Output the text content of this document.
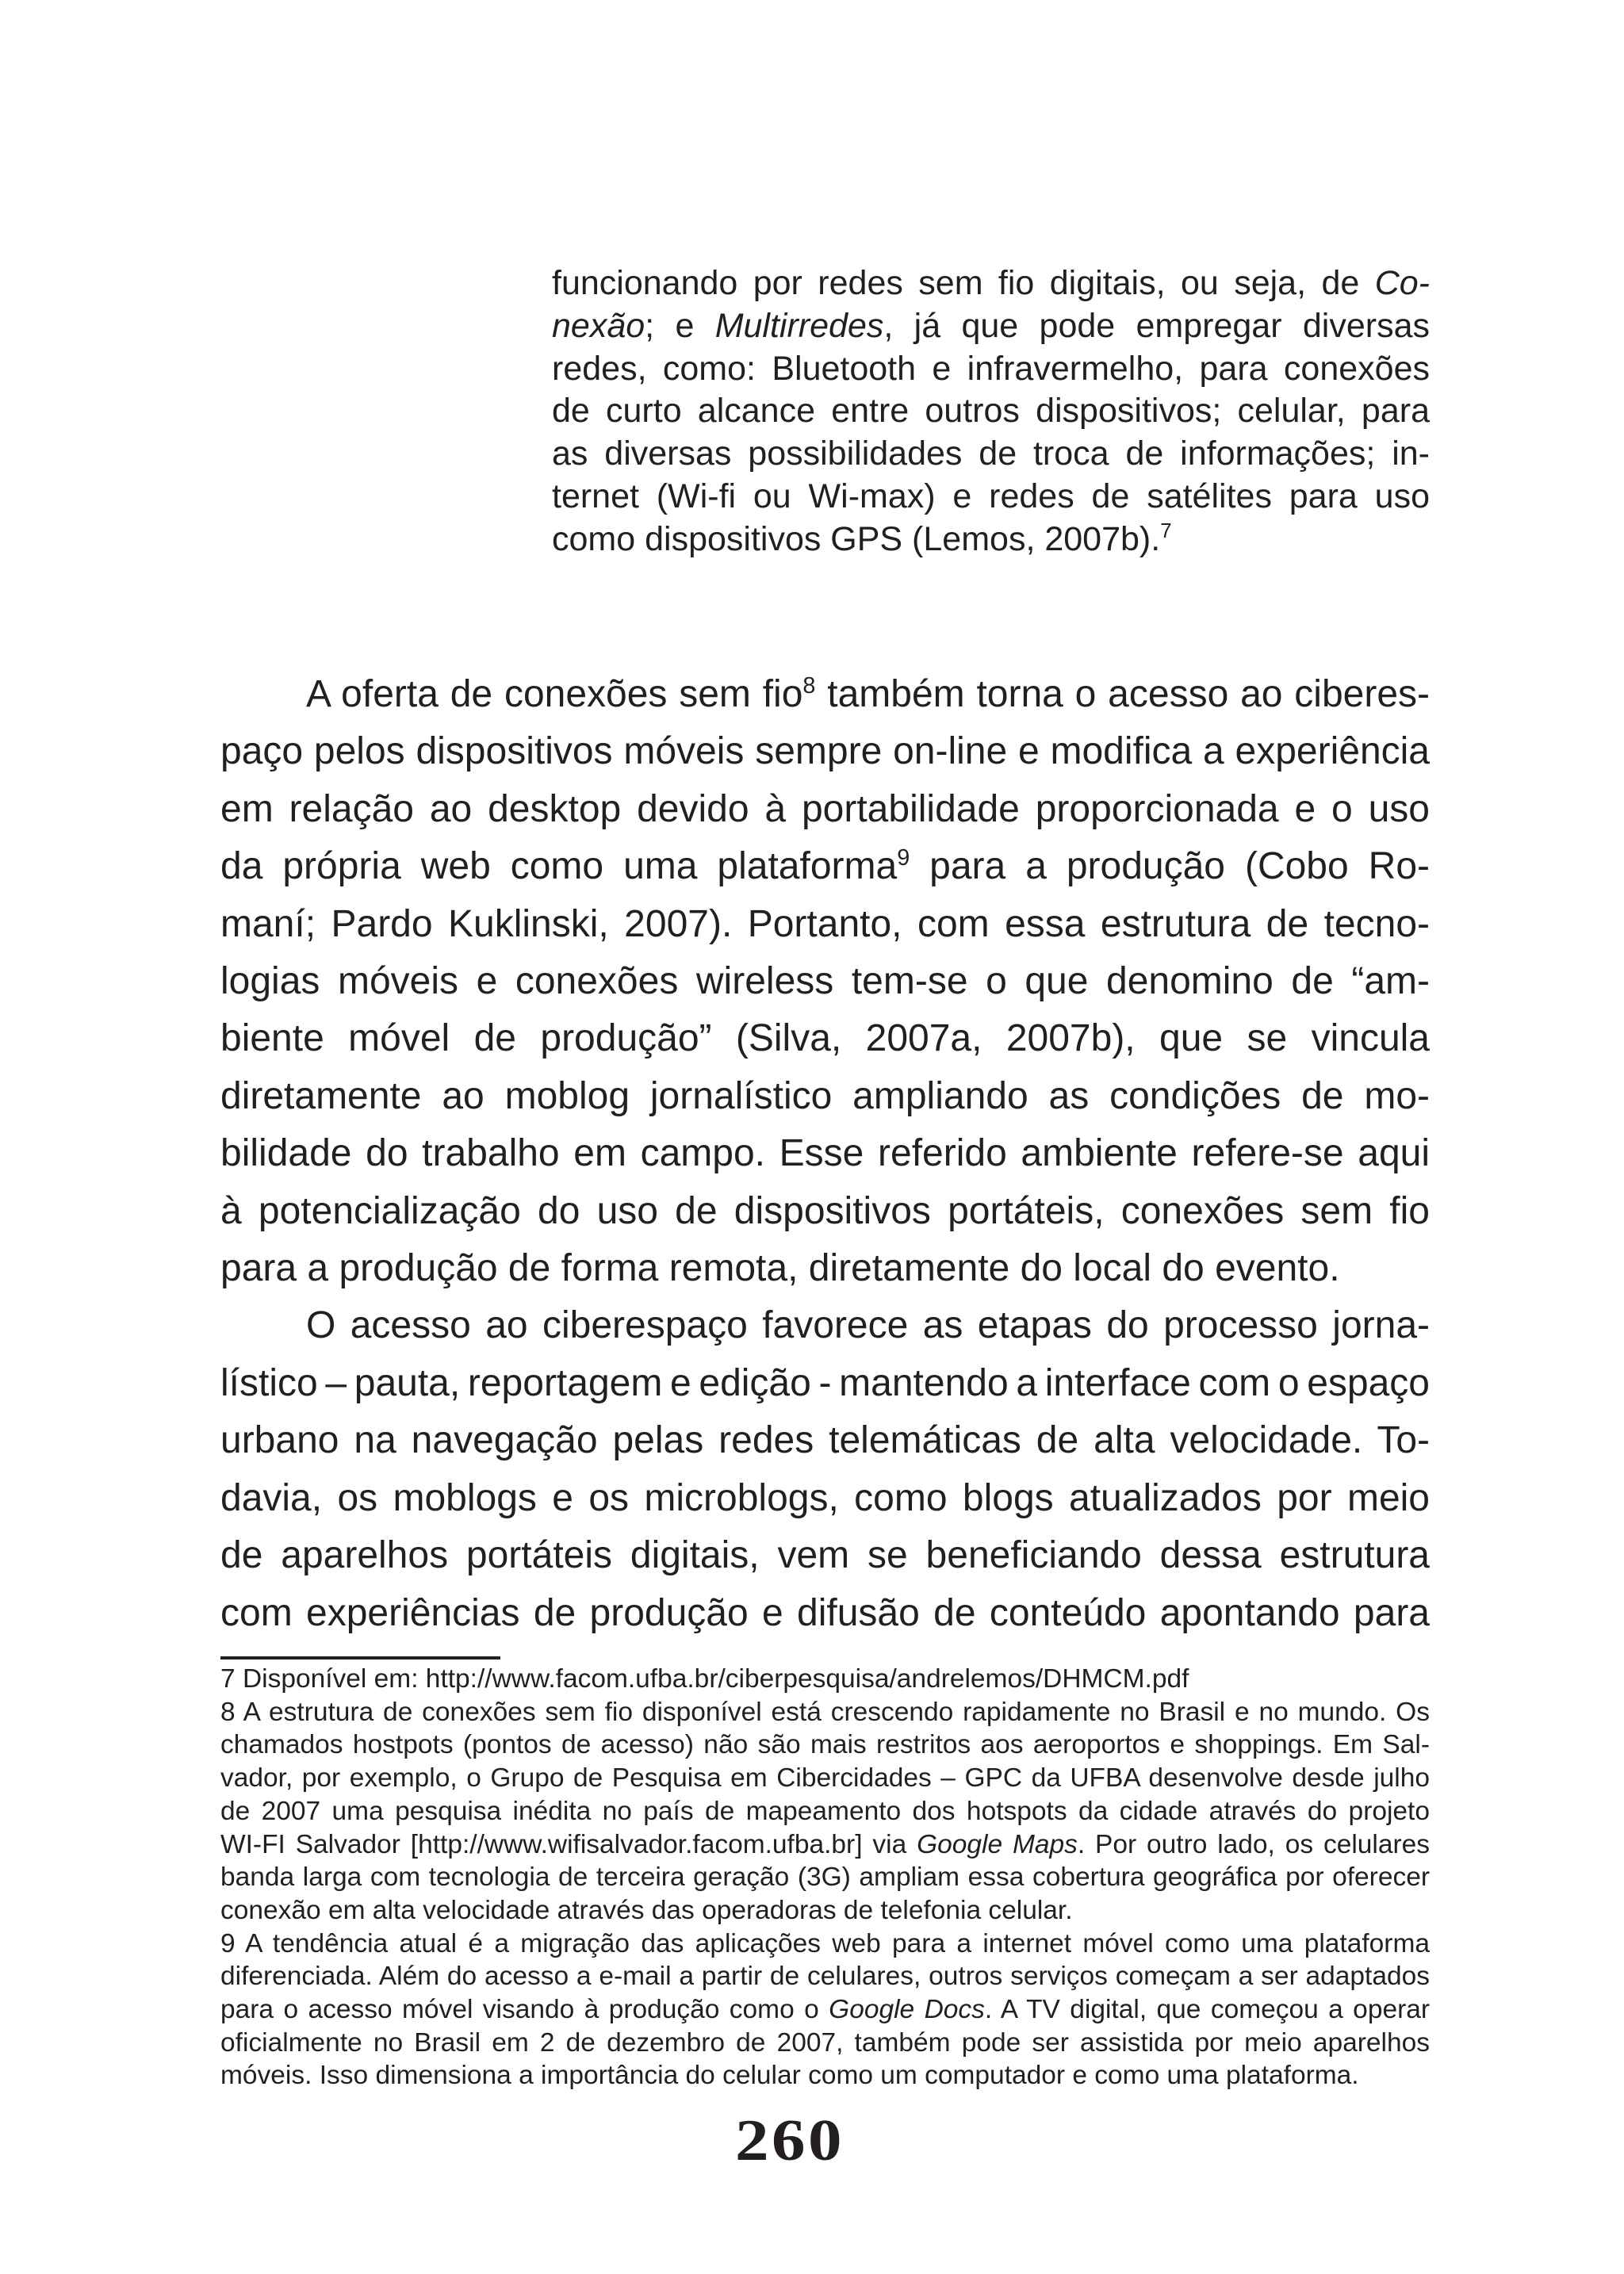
funcionando por redes sem fio digitais, ou seja, de Co-
nexão; e Multirredes, já que pode empregar diversas
redes, como: Bluetooth e infravermelho, para conexões
de curto alcance entre outros dispositivos; celular, para
as diversas possibilidades de troca de informações; in-
ternet (Wi-fi ou Wi-max) e redes de satélites para uso
como dispositivos GPS (Lemos, 2007b).$^7$
A oferta de conexões sem fio$^8$ também torna o acesso ao ciberes-
paço pelos dispositivos móveis sempre on-line e modifica a experiência
em relação ao desktop devido à portabilidade proporcionada e o uso
da própria web como uma plataforma$^9$ para a produção (Cobo Ro-
maní; Pardo Kuklinski, 2007). Portanto, com essa estrutura de tecno-
logias móveis e conexões wireless tem-se o que denomino de “am-
biente móvel de produção” (Silva, 2007a, 2007b), que se vincula
diretamente ao moblog jornalístico ampliando as condições de mo-
bilidade do trabalho em campo. Esse referido ambiente refere-se aqui
à potencialização do uso de dispositivos portáteis, conexões sem fio
para a produção de forma remota, diretamente do local do evento.
O acesso ao ciberespaço favorece as etapas do processo jorna-
lístico – pauta, reportagem e edição - mantendo a interface com o espaço
urbano na navegação pelas redes telemáticas de alta velocidade. To-
davia, os moblogs e os microblogs, como blogs atualizados por meio
de aparelhos portáteis digitais, vem se beneficiando dessa estrutura
com experiências de produção e difusão de conteúdo apontando para
7 Disponível em: http://www.facom.ufba.br/ciberpesquisa/andrelemos/DHMCM.pdf
8 A estrutura de conexões sem fio disponível está crescendo rapidamente no Brasil e no mundo. Os
chamados hostpots (pontos de acesso) não são mais restritos aos aeroportos e shoppings. Em Sal-
vador, por exemplo, o Grupo de Pesquisa em Cibercidades – GPC da UFBA desenvolve desde julho
de 2007 uma pesquisa inédita no país de mapeamento dos hotspots da cidade através do projeto
WI-FI Salvador [http://www.wifisalvador.facom.ufba.br] via Google Maps. Por outro lado, os celulares
banda larga com tecnologia de terceira geração (3G) ampliam essa cobertura geográfica por oferecer
conexão em alta velocidade através das operadoras de telefonia celular.
9 A tendência atual é a migração das aplicações web para a internet móvel como uma plataforma
diferenciada. Além do acesso a e-mail a partir de celulares, outros serviços começam a ser adaptados
para o acesso móvel visando à produção como o Google Docs. A TV digital, que começou a operar
oficialmente no Brasil em 2 de dezembro de 2007, também pode ser assistida por meio aparelhos
móveis. Isso dimensiona a importância do celular como um computador e como uma plataforma.
260
